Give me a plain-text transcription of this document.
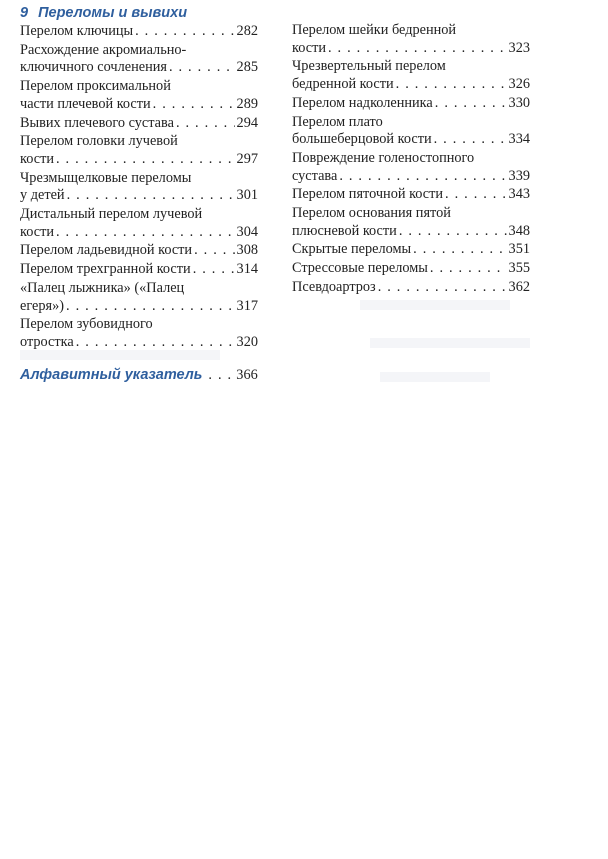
9 Переломы и вывихи
Перелом ключицы . . .	282
Расхождение акромиально-
ключичного сочленения . . .	285
Перелом проксимальной
части плечевой кости . . .	289
Вывих плечевого сустава . . .	294
Перелом головки лучевой
кости . . .	297
Чрезмыщелковые переломы
у детей . . .	301
Дистальный перелом лучевой
кости . . .	304
Перелом ладьевидной кости . . .	308
Перелом трехгранной кости . . .	314
«Палец лыжника» («Палец
егеря») . . .	317
Перелом зубовидного
отростка . . .	320
Перелом шейки бедренной
кости . . .	323
Чрезвертельный перелом
бедренной кости . . .	326
Перелом надколенника . . .	330
Перелом плато
большеберцовой кости . . .	334
Повреждение голеностопного
сустава . . .	339
Перелом пяточной кости . . .	343
Перелом основания пятой
плюсневой кости . . .	348
Скрытые переломы . . .	351
Стрессовые переломы . . .	355
Псевдоартроз . . .	362
Алфавитный указатель . . . 366
